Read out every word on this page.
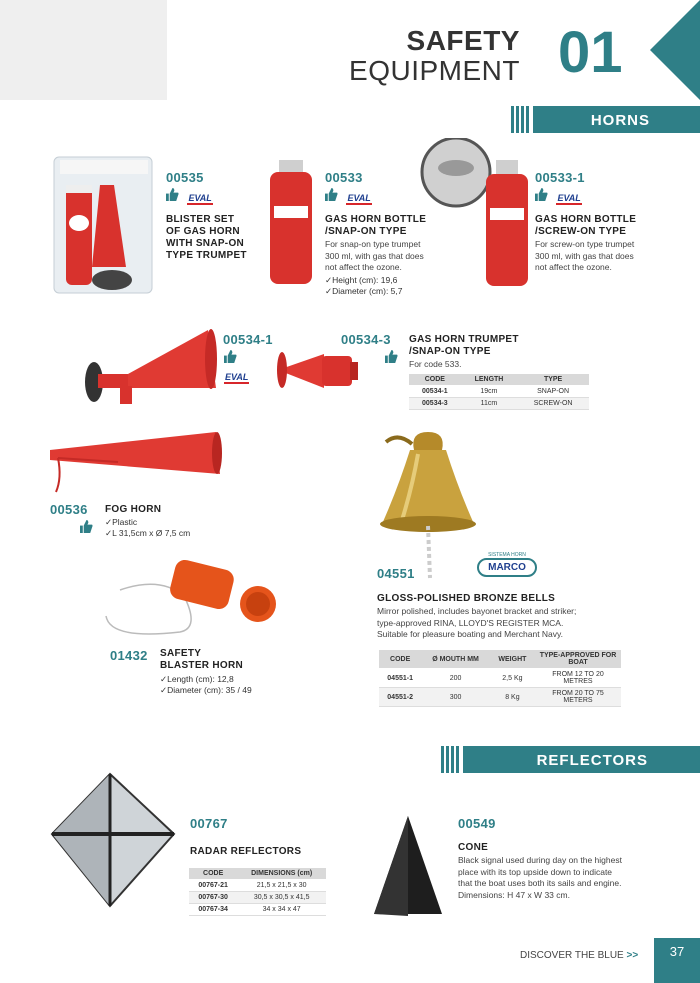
SAFETY
EQUIPMENT 01
HORNS
00535
EVAL
BLISTER SET
OF GAS HORN
WITH SNAP-ON
TYPE TRUMPET
00533
EVAL
GAS HORN BOTTLE
/SNAP-ON TYPE
For snap-on type trumpet
300 ml, with gas that does
not affect the ozone.
✓ Height (cm): 19,6
✓ Diameter (cm): 5,7
00533-1
EVAL
GAS HORN BOTTLE
/SCREW-ON TYPE
For screw-on type trumpet
300 ml, with gas that does
not affect the ozone.
00534-1
EVAL
00534-3 GAS HORN TRUMPET
/SNAP-ON TYPE
For code 533.
CODE	LENGTH	TYPE
00534-1	19cm	SNAP-ON
00534-3	11cm	SCREW-ON
00536 FOG HORN
✓ Plastic
✓ L 31,5cm x Ø 7,5 cm
01432 SAFETY
BLASTER HORN
✓ Length (cm): 12,8
✓ Diameter (cm): 35 / 49
04551
SISTEMA HORN
MARCO
GLOSS-POLISHED BRONZE BELLS
Mirror polished, includes bayonet bracket and striker;
type-approved RINA, LLOYD'S REGISTER MCA.
Suitable for pleasure boating and Merchant Navy.
CODE	Ø MOUTH MM	WEIGHT	TYPE-APPROVED FOR BOAT
04551-1	200	2,5 Kg	FROM 12 TO 20 METRES
04551-2	300	8 Kg	FROM 20 TO 75 METERS
REFLECTORS
00767
RADAR REFLECTORS
CODE	DIMENSIONS (cm)
00767-21	21,5 x 21,5 x 30
00767-30	30,5 x 30,5 x 41,5
00767-34	34 x 34 x 47
00549
CONE
Black signal used during day on the highest
place with its top upside down to indicate
that the boat uses both its sails and engine.
Dimensions: H 47 x W 33 cm.
DISCOVER THE BLUE >>	37
